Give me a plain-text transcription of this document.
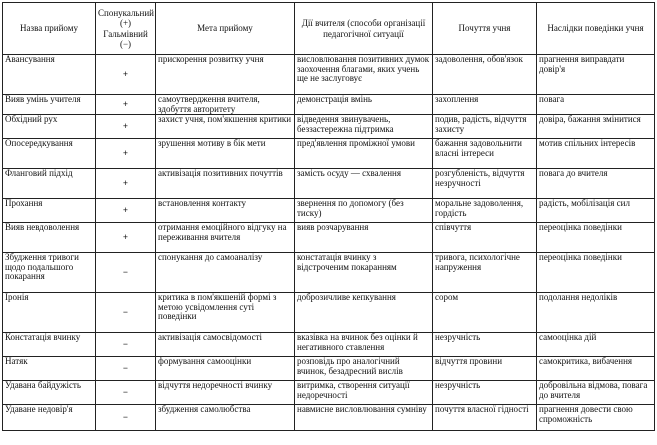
Назва прийому	Спонукальний (+) Гальмівний (−)	Мета прийому	Дії вчителя (способи організації педагогічної ситуації	Почуття учня	Наслідки поведінки учня
Авансування	+	прискорення розвитку учня	висловлювання позитивних думок заохочення благами, яких учень ще не заслуговує	задоволення, обов'язок	прагнення виправдати довір'я
Вияв умінь учителя	+	самоутвердження вчителя, здобуття авторитету	демонстрація вмінь	захоплення	повага
Обхідний рух	+	захист учня, пом'якшення критики	відведення звинувачень, беззастережна підтримка	подив, радість, відчуття захисту	довіра, бажання змінитися
Опосередкування	+	зрушення мотиву в бік мети	пред'явлення проміжної умови	бажання задовольнити власні інтереси	мотив спільних інтересів
Фланговий підхід	+	активізація позитивних почуттів	замість осуду — схвалення	розгубленість, відчуття незручності	повага до вчителя
Прохання	+	встановлення контакту	звернення по допомогу (без тиску)	моральне задоволення, гордість	радість, мобілізація сил
Вияв невдоволення	+	отримання емоційного відгуку на переживання вчителя	вияв розчарування	співчуття	переоцінка поведінки
Збудження тривоги щодо подальшого покарання	−	спонукання до самоаналізу	констатація вчинку з відстроченим покаранням	тривога, психологічне напруження	переоцінка поведінки
Іронія	−	критика в пом'якшеній формі з метою усвідомлення суті поведінки	доброзичливе кепкування	сором	подолання недоліків
Констатація вчинку	−	активізація самосвідомості	вказівка на вчинок без оцінки й негативного ставлення	незручність	самооцінка дій
Натяк	−	формування самооцінки	розповідь про аналогічний вчинок, безадресний вислів	відчуття провини	самокритика, вибачення
Удавана байдужість	−	відчуття недоречності вчинку	витримка, створення ситуації недоречності	незручність	добровільна відмова, повага до вчителя
Удаване недовір'я	−	збудження самолюбства	навмисне висловлювання сумніву	почуття власної гідності	прагнення довести свою спроможність
